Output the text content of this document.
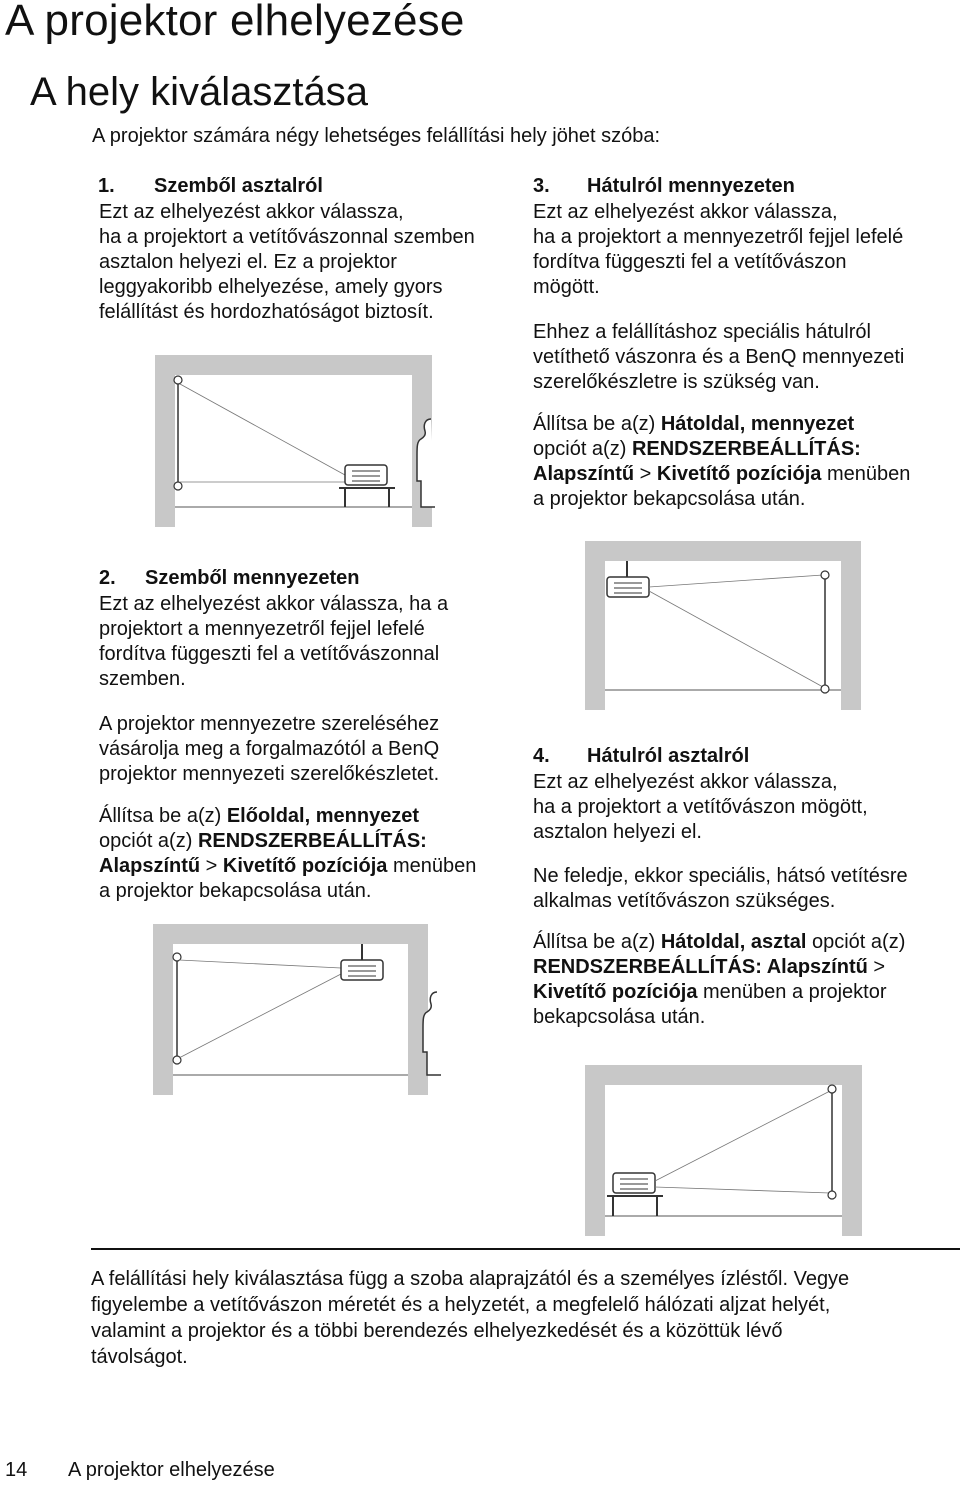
A projektor elhelyezése
A hely kiválasztása
A projektor számára négy lehetséges felállítási hely jöhet szóba:
1. Szemből asztalról
Ezt az elhelyezést akkor válassza,
ha a projektort a vetítővászonnal szemben
asztalon helyezi el. Ez a projektor
leggyakoribb elhelyezése, amely gyors
felállítást és hordozhatóságot biztosít.
2. Szemből mennyezeten
Ezt az elhelyezést akkor válassza, ha a
projektort a mennyezetről fejjel lefelé
fordítva függeszti fel a vetítővászonnal
szemben.
A projektor mennyezetre szereléséhez
vásárolja meg a forgalmazótól a BenQ
projektor mennyezeti szerelőkészletet.
Állítsa be a(z) Előoldal, mennyezet
opciót a(z) RENDSZERBEÁLLÍTÁS:
Alapszíntű > Kivetítő pozíciója menüben
a projektor bekapcsolása után.
3. Hátulról mennyezeten
Ezt az elhelyezést akkor válassza,
ha a projektort a mennyezetről fejjel lefelé
fordítva függeszti fel a vetítővászon
mögött.
Ehhez a felállításhoz speciális hátulról
vetíthető vászonra és a BenQ mennyezeti
szerelőkészletre is szükség van.
Állítsa be a(z) Hátoldal, mennyezet
opciót a(z) RENDSZERBEÁLLÍTÁS:
Alapszíntű > Kivetítő pozíciója menüben
a projektor bekapcsolása után.
4. Hátulról asztalról
Ezt az elhelyezést akkor válassza,
ha a projektort a vetítővászon mögött,
asztalon helyezi el.
Ne feledje, ekkor speciális, hátsó vetítésre
alkalmas vetítővászon szükséges.
Állítsa be a(z) Hátoldal, asztal opciót a(z)
RENDSZERBEÁLLÍTÁS: Alapszíntű >
Kivetítő pozíciója menüben a projektor
bekapcsolása után.
A felállítási hely kiválasztása függ a szoba alaprajzától és a személyes ízléstől. Vegye
figyelembe a vetítővászon méretét és a helyzetét, a megfelelő hálózati aljzat helyét,
valamint a projektor és a többi berendezés elhelyezkedését és a közöttük lévő
távolságot.
14 A projektor elhelyezése
